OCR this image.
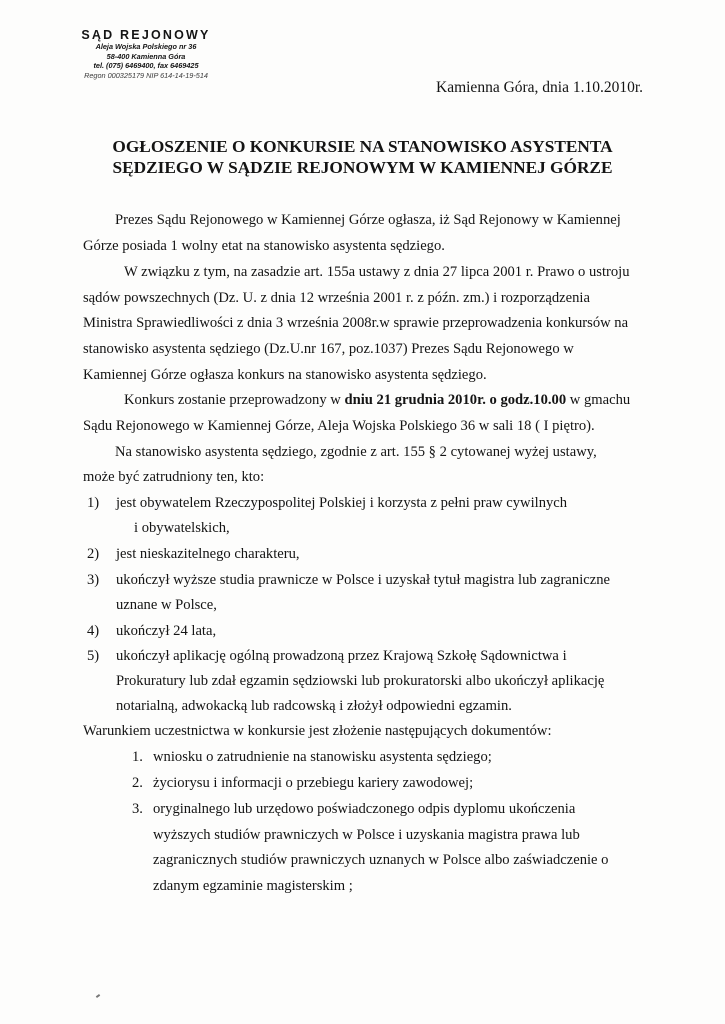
SĄD REJONOWY
Aleja Wojska Polskiego nr 36
58-400 Kamienna Góra
tel. (075) 6469400, fax 6469425
Regon 000325179 NIP 614-14-19-514
Kamienna Góra, dnia 1.10.2010r.
OGŁOSZENIE O KONKURSIE NA STANOWISKO ASYSTENTA
SĘDZIEGO W SĄDZIE REJONOWYM W KAMIENNEJ GÓRZE
Prezes Sądu Rejonowego w Kamiennej Górze ogłasza, iż Sąd Rejonowy w Kamiennej
Górze posiada 1 wolny etat na stanowisko asystenta sędziego.
W związku z tym, na zasadzie art. 155a ustawy z dnia 27 lipca 2001 r. Prawo o ustroju
sądów powszechnych (Dz. U. z dnia 12 września 2001 r. z późn. zm.) i rozporządzenia
Ministra Sprawiedliwości z dnia 3 września 2008r.w sprawie przeprowadzenia konkursów na
stanowisko asystenta sędziego (Dz.U.nr 167, poz.1037) Prezes Sądu Rejonowego w
Kamiennej Górze ogłasza konkurs na stanowisko asystenta sędziego.
Konkurs zostanie przeprowadzony w dniu 21 grudnia 2010r. o godz.10.00 w gmachu
Sądu Rejonowego w Kamiennej Górze, Aleja Wojska Polskiego 36 w sali 18 ( I piętro).
Na stanowisko asystenta sędziego, zgodnie z art. 155 § 2 cytowanej wyżej ustawy,
może być zatrudniony ten, kto:
1) jest obywatelem Rzeczypospolitej Polskiej i korzysta z pełni praw cywilnych
i obywatelskich,
2) jest nieskazitelnego charakteru,
3) ukończył wyższe studia prawnicze w Polsce i uzyskał tytuł magistra lub zagraniczne
uznane w Polsce,
4) ukończył 24 lata,
5) ukończył aplikację ogólną prowadzoną przez Krajową Szkołę Sądownictwa i
Prokuratury lub zdał egzamin sędziowski lub prokuratorski albo ukończył aplikację
notarialną, adwokacką lub radcowską i złożył odpowiedni egzamin.
Warunkiem uczestnictwa w konkursie jest złożenie następujących dokumentów:
1. wniosku o zatrudnienie na stanowisku asystenta sędziego;
2. życiorysu i informacji o przebiegu kariery zawodowej;
3. oryginalnego lub urzędowo poświadczonego odpis dyplomu ukończenia
wyższych studiów prawniczych w Polsce i uzyskania magistra prawa lub
zagranicznych studiów prawniczych uznanych w Polsce albo zaświadczenie o
zdanym egzaminie magisterskim ;
